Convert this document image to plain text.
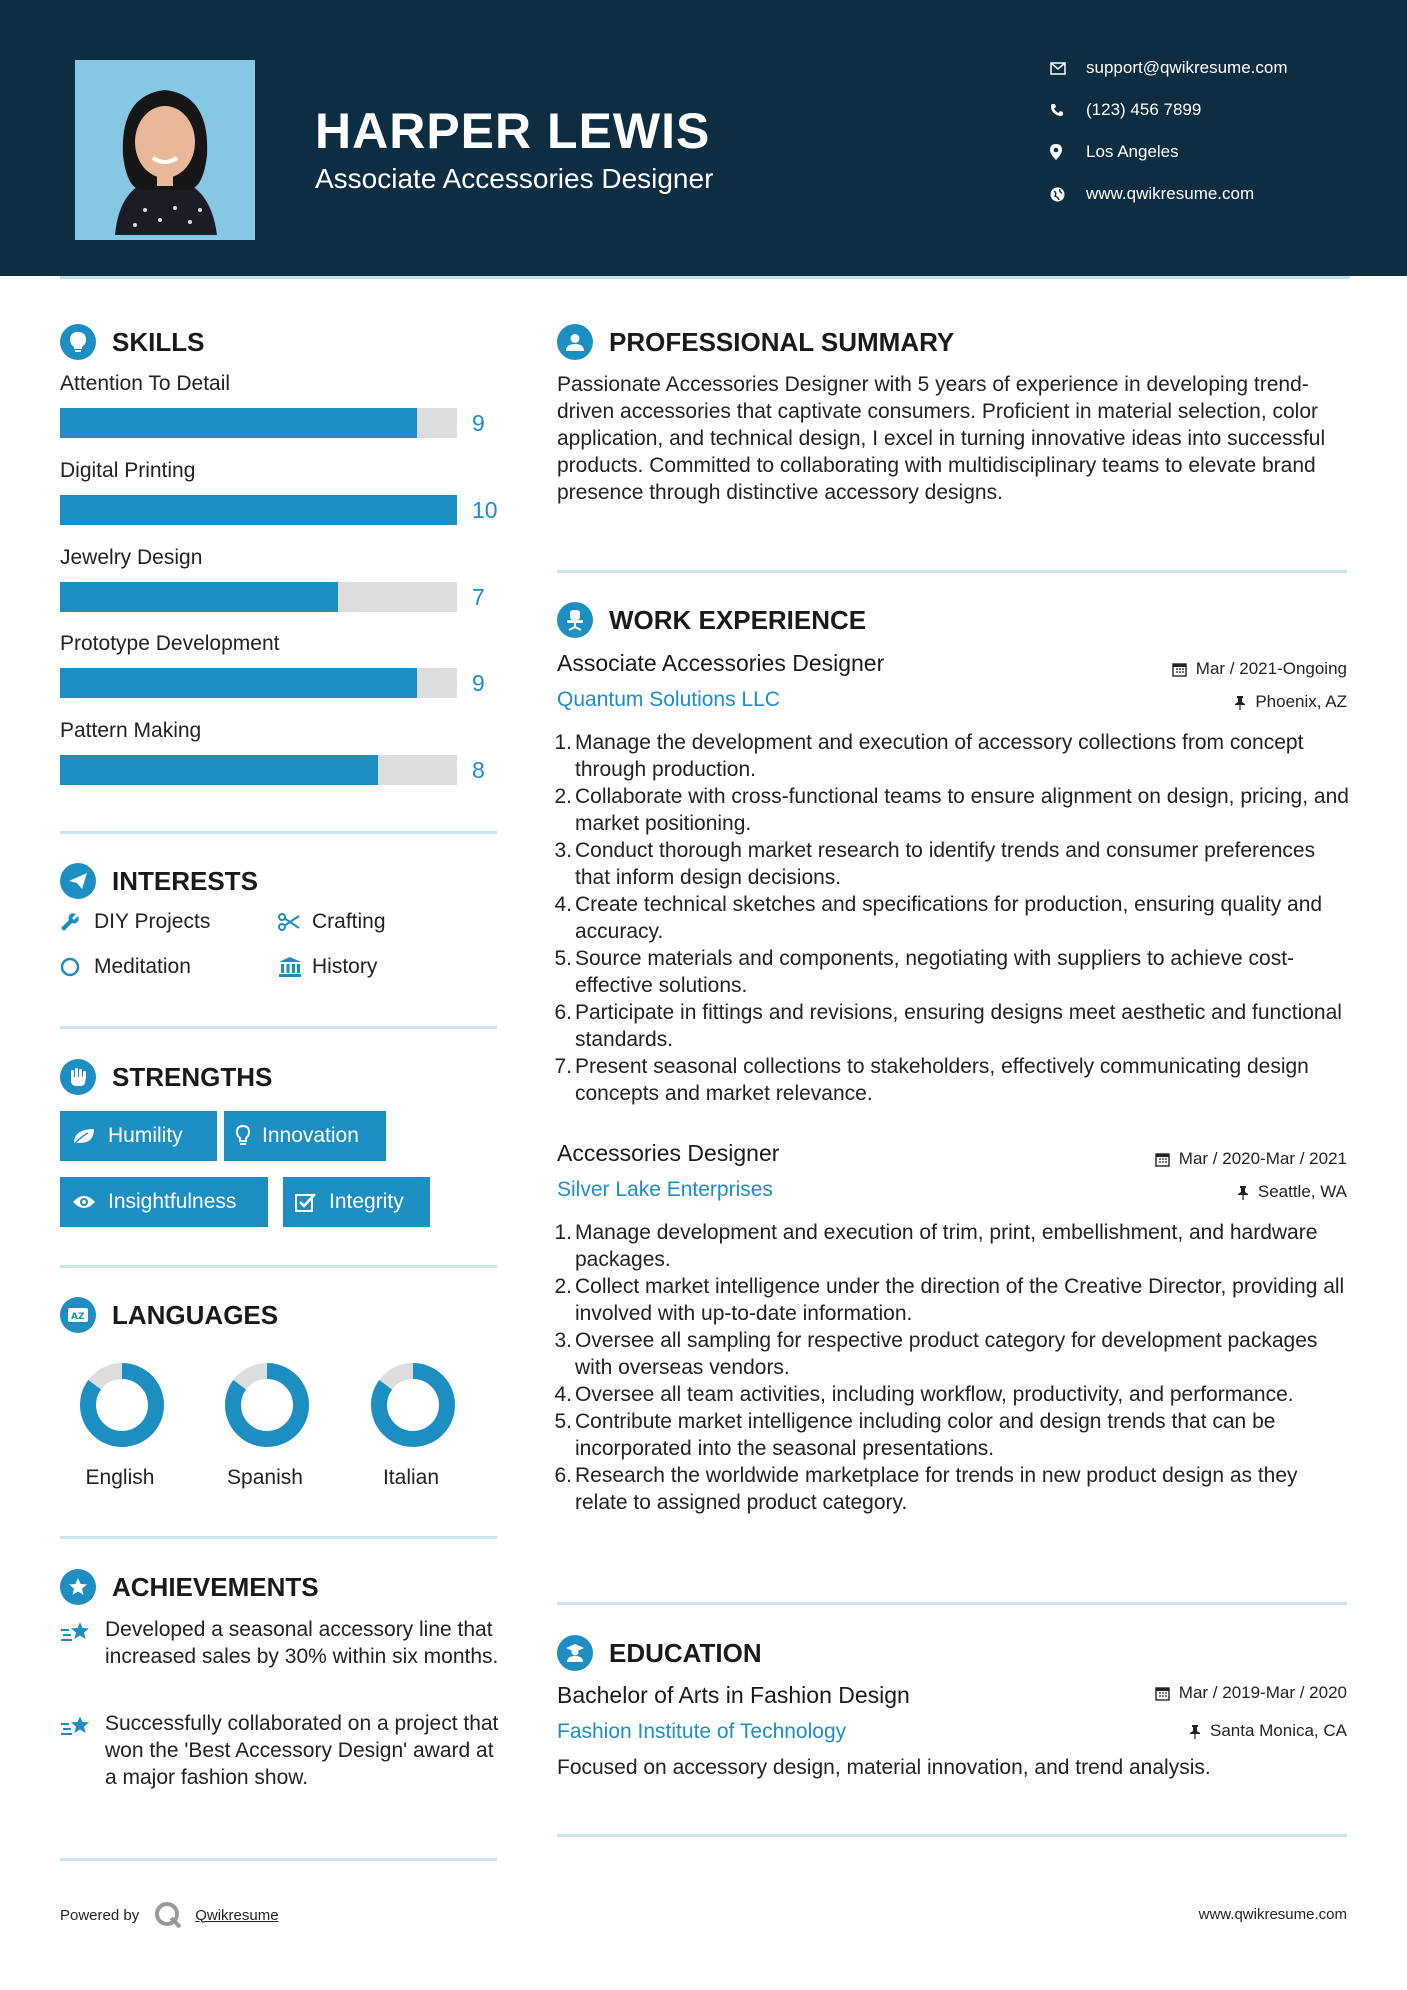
HARPER LEWIS
Associate Accessories Designer
support@qwikresume.com
(123) 456 7899
Los Angeles
www.qwikresume.com
SKILLS
Attention To Detail
9
Digital Printing
10
Jewelry Design
7
Prototype Development
9
Pattern Making
8
INTERESTS
DIY Projects	Crafting
Meditation	History
STRENGTHS
Humility	Innovation
Insightfulness	Integrity
AZ LANGUAGES
English	Spanish	Italian
ACHIEVEMENTS
Developed a seasonal accessory line that increased sales by 30% within six months.
Successfully collaborated on a project that won the 'Best Accessory Design' award at a major fashion show.
PROFESSIONAL SUMMARY
Passionate Accessories Designer with 5 years of experience in developing trend-driven accessories that captivate consumers. Proficient in material selection, color application, and technical design, I excel in turning innovative ideas into successful products. Committed to collaborating with multidisciplinary teams to elevate brand presence through distinctive accessory designs.
WORK EXPERIENCE
Associate Accessories Designer	Mar / 2021-Ongoing
Quantum Solutions LLC	Phoenix, AZ
1. Manage the development and execution of accessory collections from concept through production.
2. Collaborate with cross-functional teams to ensure alignment on design, pricing, and market positioning.
3. Conduct thorough market research to identify trends and consumer preferences that inform design decisions.
4. Create technical sketches and specifications for production, ensuring quality and accuracy.
5. Source materials and components, negotiating with suppliers to achieve cost-effective solutions.
6. Participate in fittings and revisions, ensuring designs meet aesthetic and functional standards.
7. Present seasonal collections to stakeholders, effectively communicating design concepts and market relevance.
Accessories Designer	Mar / 2020-Mar / 2021
Silver Lake Enterprises	Seattle, WA
1. Manage development and execution of trim, print, embellishment, and hardware packages.
2. Collect market intelligence under the direction of the Creative Director, providing all involved with up-to-date information.
3. Oversee all sampling for respective product category for development packages with overseas vendors.
4. Oversee all team activities, including workflow, productivity, and performance.
5. Contribute market intelligence including color and design trends that can be incorporated into the seasonal presentations.
6. Research the worldwide marketplace for trends in new product design as they relate to assigned product category.
EDUCATION
Bachelor of Arts in Fashion Design	Mar / 2019-Mar / 2020
Fashion Institute of Technology	Santa Monica, CA
Focused on accessory design, material innovation, and trend analysis.
Powered by	Qwikresume	www.qwikresume.com
